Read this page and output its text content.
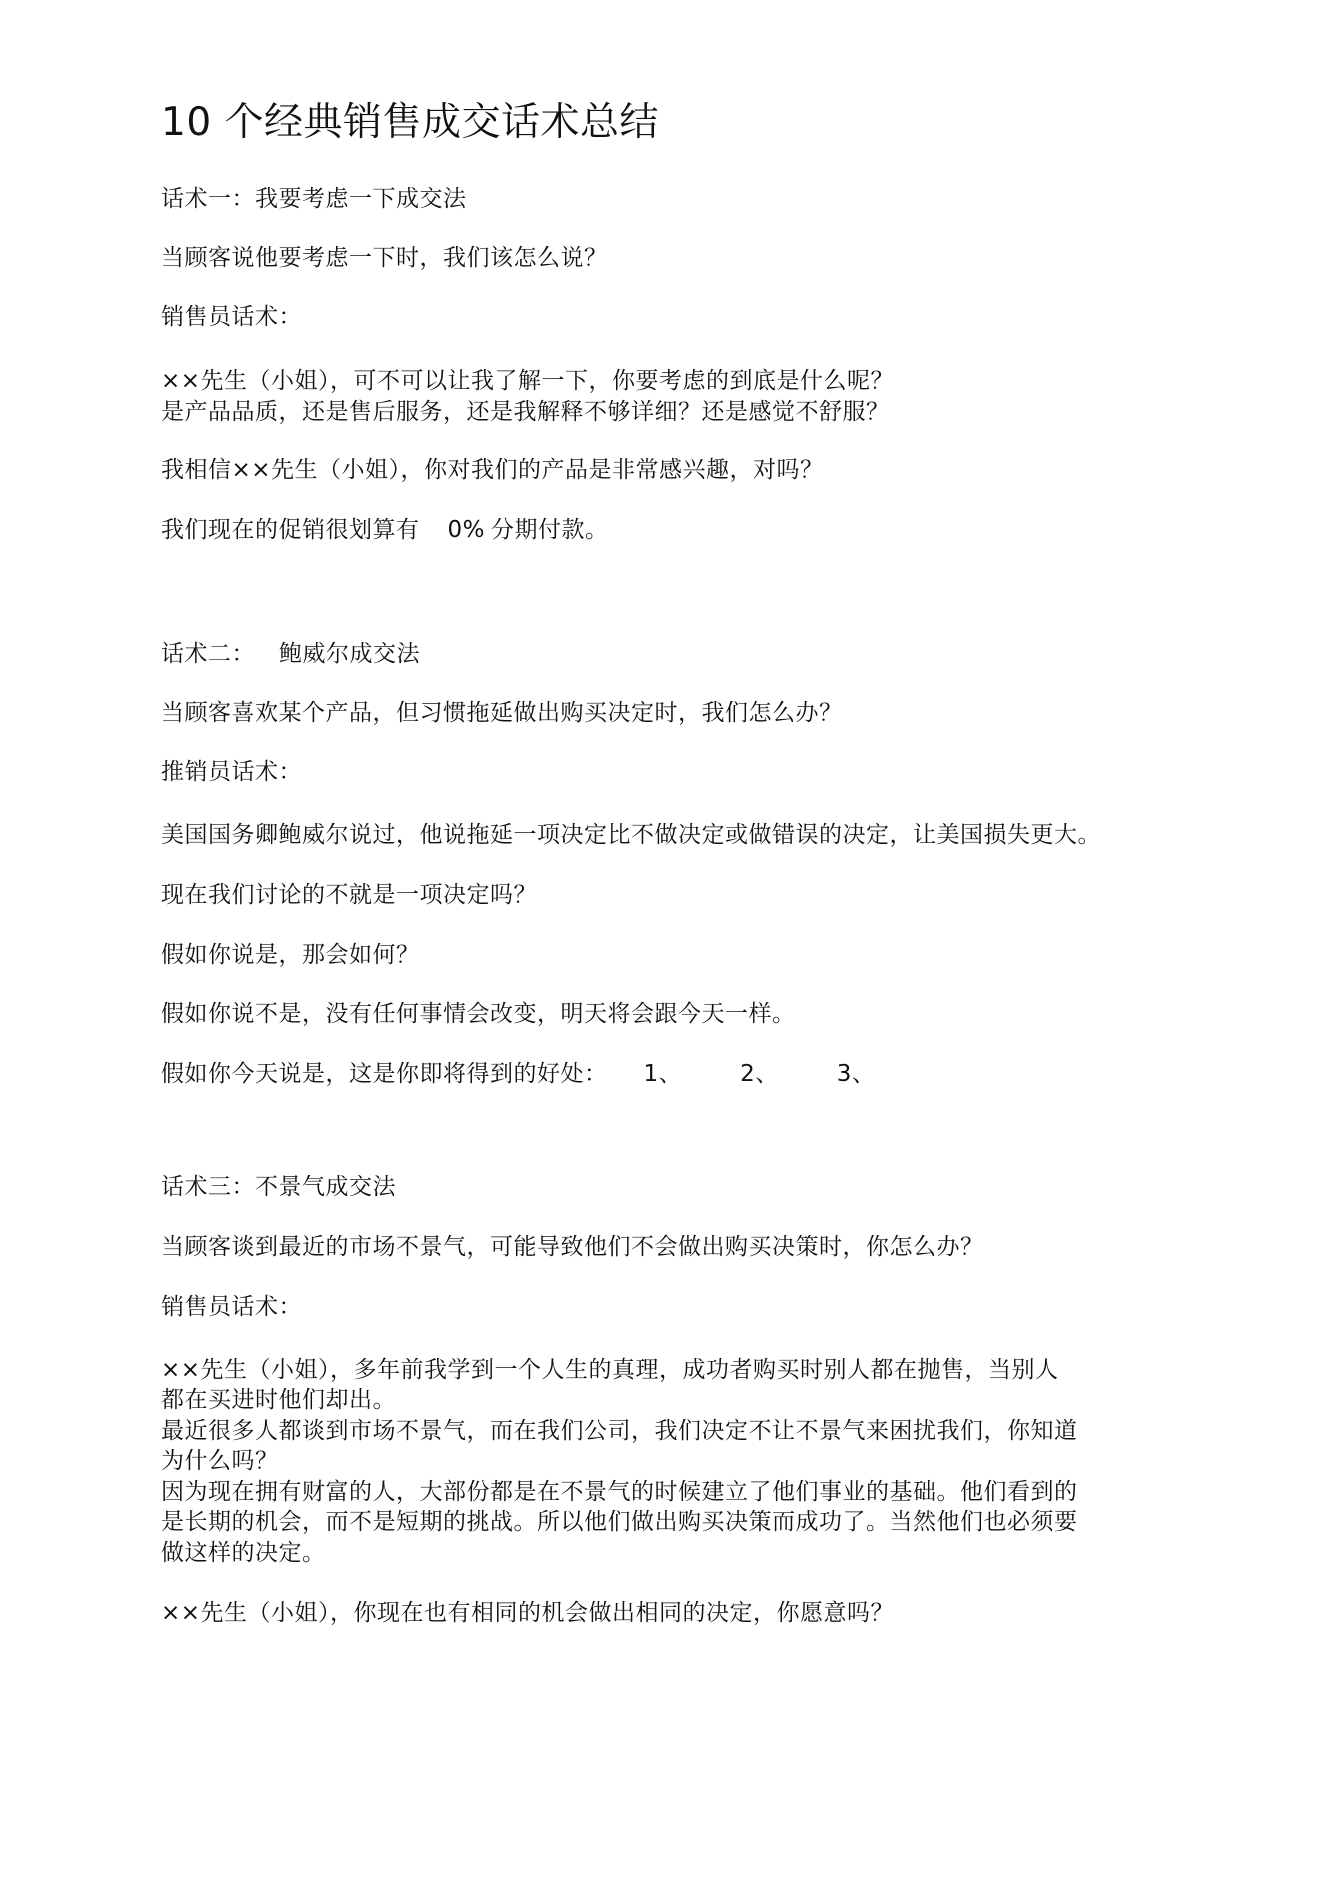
10 个经典销售成交话术总结
话术一：我要考虑一下成交法
当顾客说他要考虑一下时，我们该怎么说？
销售员话术：
××先生（小姐），可不可以让我了解一下，你要考虑的到底是什么呢？
是产品品质，还是售后服务，还是我解释不够详细？还是感觉不舒服？
我相信××先生（小姐），你对我们的产品是非常感兴趣，对吗？
我们现在的促销很划算有 0% 分期付款。
话术二： 鲍威尔成交法
当顾客喜欢某个产品，但习惯拖延做出购买决定时，我们怎么办？
推销员话术：
美国国务卿鲍威尔说过，他说拖延一项决定比不做决定或做错误的决定，让美国损失更大。
现在我们讨论的不就是一项决定吗？
假如你说是，那会如何？
假如你说不是，没有任何事情会改变，明天将会跟今天一样。
假如你今天说是，这是你即将得到的好处： 1、	2、	3、
话术三：不景气成交法
当顾客谈到最近的市场不景气，可能导致他们不会做出购买决策时，你怎么办？
销售员话术：
××先生（小姐），多年前我学到一个人生的真理，成功者购买时别人都在抛售，当别人
都在买进时他们却出。
最近很多人都谈到市场不景气，而在我们公司，我们决定不让不景气来困扰我们，你知道
为什么吗？
因为现在拥有财富的人，大部份都是在不景气的时候建立了他们事业的基础。他们看到的
是长期的机会，而不是短期的挑战。所以他们做出购买决策而成功了。当然他们也必须要
做这样的决定。
××先生（小姐），你现在也有相同的机会做出相同的决定，你愿意吗？
